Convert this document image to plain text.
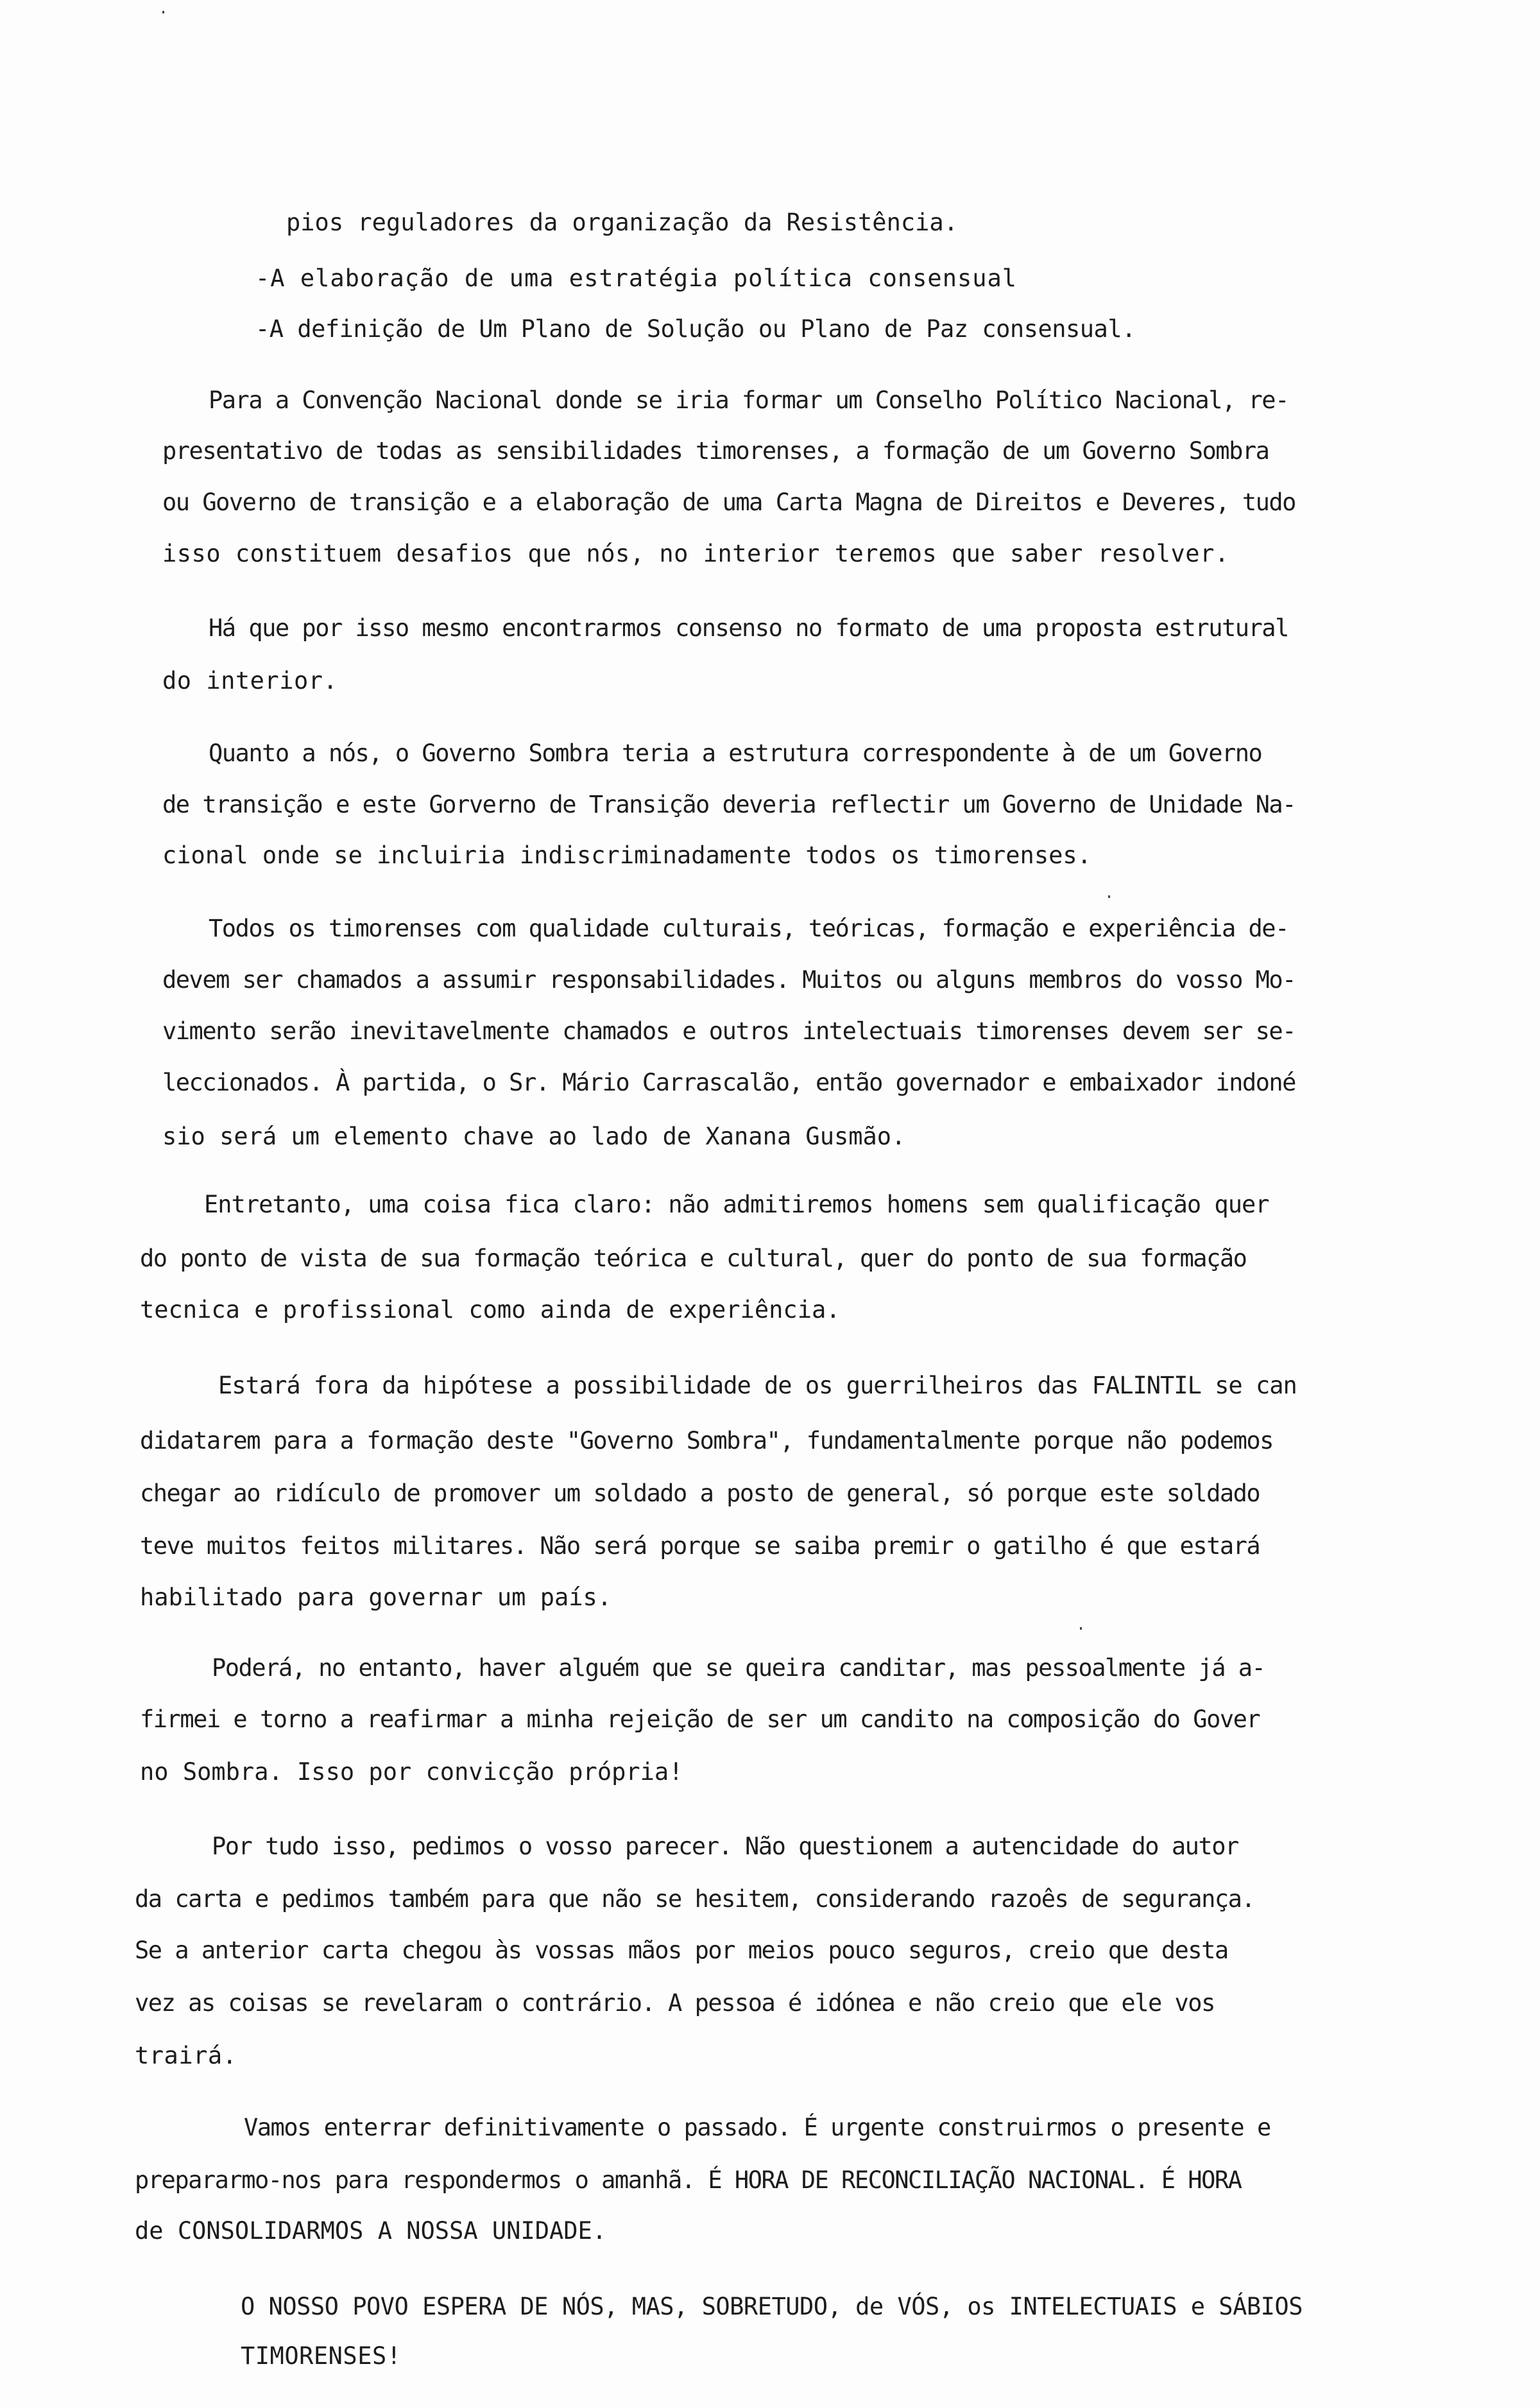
pios reguladores da organização da Resistência.
-A elaboração de uma estratégia política consensual
-A definição de Um Plano de Solução ou Plano de Paz consensual.
Para a Convenção Nacional donde se iria formar um Conselho Político Nacional, re-
presentativo de todas as sensibilidades timorenses, a formação de um Governo Sombra
ou Governo de transição e a elaboração de uma Carta Magna de Direitos e Deveres, tudo
isso constituem desafios que nós, no interior teremos que saber resolver.
Há que por isso mesmo encontrarmos consenso no formato de uma proposta estrutural
do interior.
Quanto a nós, o Governo Sombra teria a estrutura correspondente à de um Governo
de transição e este Gorverno de Transição deveria reflectir um Governo de Unidade Na-
cional onde se incluiria indiscriminadamente todos os timorenses.
Todos os timorenses com qualidade culturais, teóricas, formação e experiência de-
devem ser chamados a assumir responsabilidades. Muitos ou alguns membros do vosso Mo-
vimento serão inevitavelmente chamados e outros intelectuais timorenses devem ser se-
leccionados. À partida, o Sr. Mário Carrascalão, então governador e embaixador indoné
sio será um elemento chave ao lado de Xanana Gusmão.
Entretanto, uma coisa fica claro: não admitiremos homens sem qualificação quer
do ponto de vista de sua formação teórica e cultural, quer do ponto de sua formação
tecnica e profissional como ainda de experiência.
Estará fora da hipótese a possibilidade de os guerrilheiros das FALINTIL se can
didatarem para a formação deste "Governo Sombra", fundamentalmente porque não podemos
chegar ao ridículo de promover um soldado a posto de general, só porque este soldado
teve muitos feitos militares. Não será porque se saiba premir o gatilho é que estará
habilitado para governar um país.
Poderá, no entanto, haver alguém que se queira canditar, mas pessoalmente já a-
firmei e torno a reafirmar a minha rejeição de ser um candito na composição do Gover
no Sombra. Isso por convicção própria!
Por tudo isso, pedimos o vosso parecer. Não questionem a autencidade do autor
da carta e pedimos também para que não se hesitem, considerando razoês de segurança.
Se a anterior carta chegou às vossas mãos por meios pouco seguros, creio que desta
vez as coisas se revelaram o contrário. A pessoa é idónea e não creio que ele vos
trairá.
Vamos enterrar definitivamente o passado. É urgente construirmos o presente e
prepararmo-nos para respondermos o amanhã. É HORA DE RECONCILIAÇÃO NACIONAL. É HORA
de CONSOLIDARMOS A NOSSA UNIDADE.
O NOSSO POVO ESPERA DE NÓS, MAS, SOBRETUDO, de VÓS, os INTELECTUAIS e SÁBIOS
TIMORENSES!
